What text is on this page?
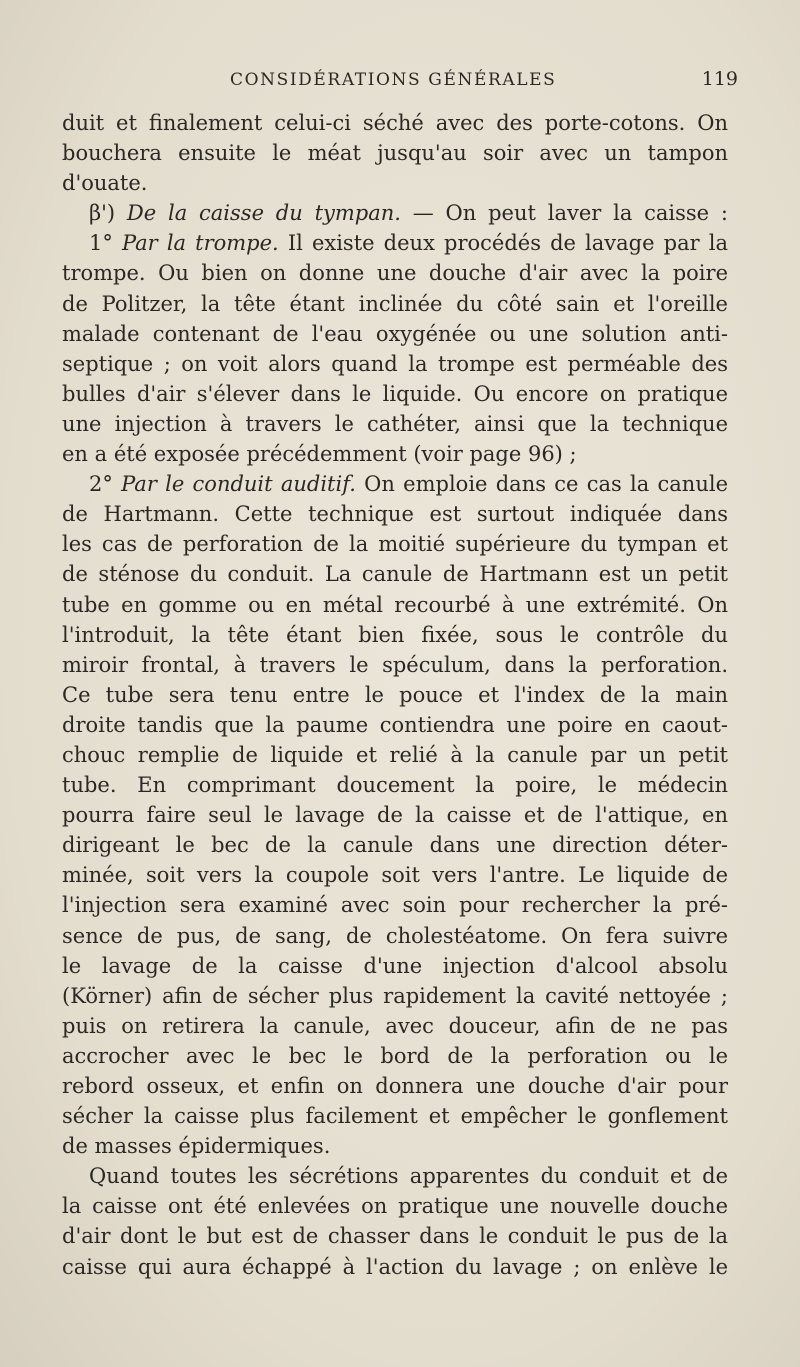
CONSIDÉRATIONS GÉNÉRALES	119
duit et finalement celui-ci séché avec des porte-cotons. On
bouchera ensuite le méat jusqu'au soir avec un tampon
d'ouate.
β') De la caisse du tympan. — On peut laver la caisse :
1° Par la trompe. Il existe deux procédés de lavage par la
trompe. Ou bien on donne une douche d'air avec la poire
de Politzer, la tête étant inclinée du côté sain et l'oreille
malade contenant de l'eau oxygénée ou une solution anti-
septique ; on voit alors quand la trompe est perméable des
bulles d'air s'élever dans le liquide. Ou encore on pratique
une injection à travers le cathéter, ainsi que la technique
en a été exposée précédemment (voir page 96) ;
2° Par le conduit auditif. On emploie dans ce cas la canule
de Hartmann. Cette technique est surtout indiquée dans
les cas de perforation de la moitié supérieure du tympan et
de sténose du conduit. La canule de Hartmann est un petit
tube en gomme ou en métal recourbé à une extrémité. On
l'introduit, la tête étant bien fixée, sous le contrôle du
miroir frontal, à travers le spéculum, dans la perforation.
Ce tube sera tenu entre le pouce et l'index de la main
droite tandis que la paume contiendra une poire en caout-
chouc remplie de liquide et relié à la canule par un petit
tube. En comprimant doucement la poire, le médecin
pourra faire seul le lavage de la caisse et de l'attique, en
dirigeant le bec de la canule dans une direction déter-
minée, soit vers la coupole soit vers l'antre. Le liquide de
l'injection sera examiné avec soin pour rechercher la pré-
sence de pus, de sang, de cholestéatome. On fera suivre
le lavage de la caisse d'une injection d'alcool absolu
(Körner) afin de sécher plus rapidement la cavité nettoyée ;
puis on retirera la canule, avec douceur, afin de ne pas
accrocher avec le bec le bord de la perforation ou le
rebord osseux, et enfin on donnera une douche d'air pour
sécher la caisse plus facilement et empêcher le gonflement
de masses épidermiques.
Quand toutes les sécrétions apparentes du conduit et de
la caisse ont été enlevées on pratique une nouvelle douche
d'air dont le but est de chasser dans le conduit le pus de la
caisse qui aura échappé à l'action du lavage ; on enlève le
